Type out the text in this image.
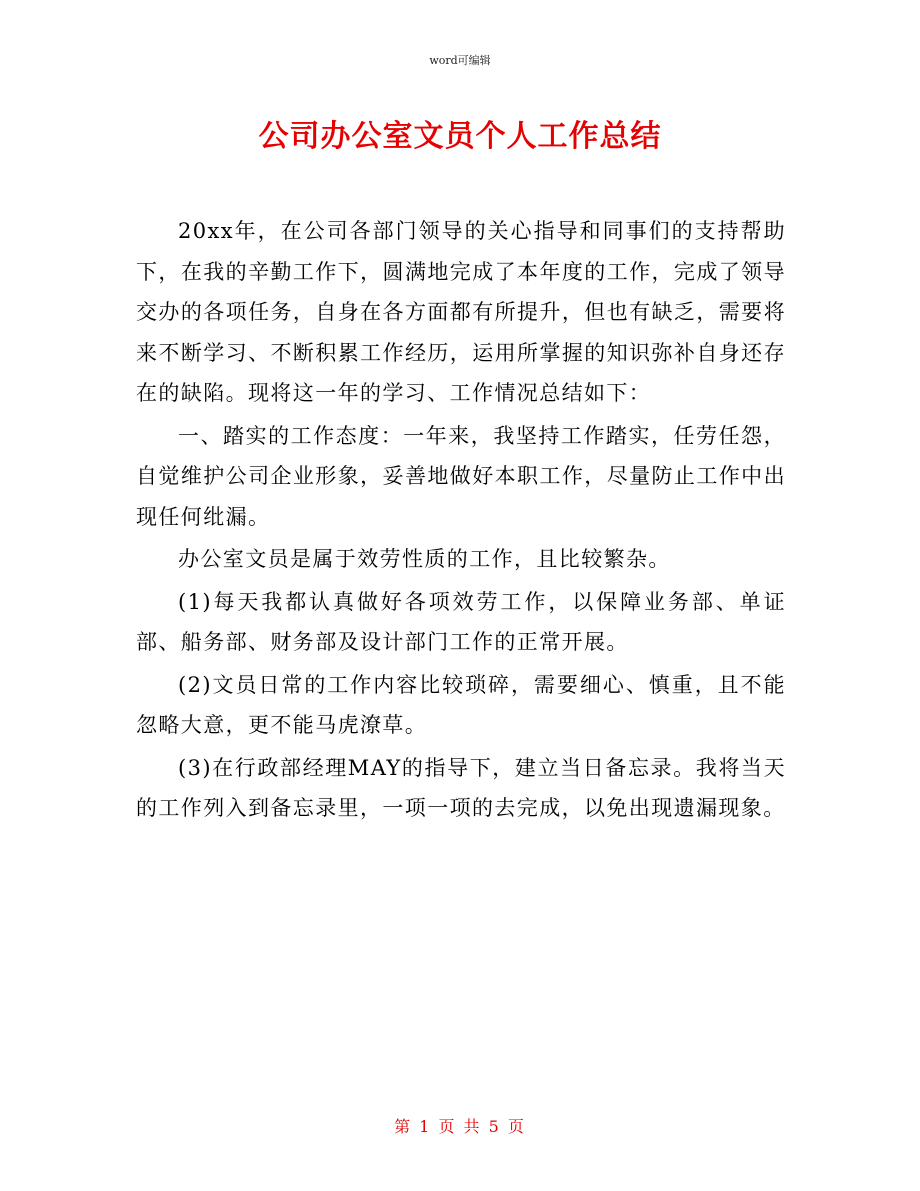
word可编辑
公司办公室文员个人工作总结

20xx年，在公司各部门领导的关心指导和同事们的支持帮助下，在我的辛勤工作下，圆满地完成了本年度的工作，完成了领导交办的各项任务，自身在各方面都有所提升，但也有缺乏，需要将来不断学习、不断积累工作经历，运用所掌握的知识弥补自身还存在的缺陷。现将这一年的学习、工作情况总结如下：

一、踏实的工作态度：一年来，我坚持工作踏实，任劳任怨，自觉维护公司企业形象，妥善地做好本职工作，尽量防止工作中出现任何纰漏。

办公室文员是属于效劳性质的工作，且比较繁杂。

(1)每天我都认真做好各项效劳工作，以保障业务部、单证部、船务部、财务部及设计部门工作的正常开展。

(2)文员日常的工作内容比较琐碎，需要细心、慎重，且不能忽略大意，更不能马虎潦草。

(3)在行政部经理MAY的指导下，建立当日备忘录。我将当天的工作列入到备忘录里，一项一项的去完成，以免出现遗漏现象。

第 1 页 共 5 页
